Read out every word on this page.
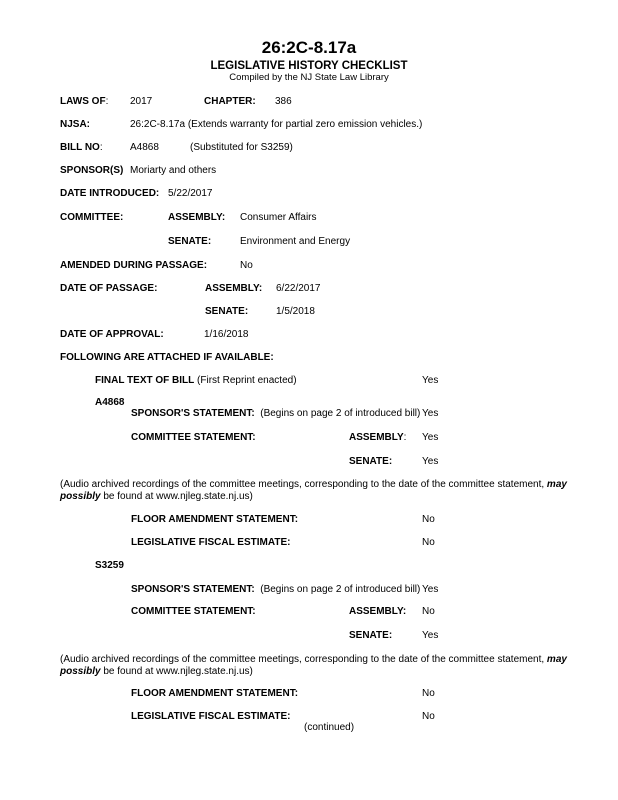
26:2C-8.17a
LEGISLATIVE HISTORY CHECKLIST
Compiled by the NJ State Law Library
LAWS OF: 2017	CHAPTER: 386
NJSA:	26:2C-8.17a (Extends warranty for partial zero emission vehicles.)
BILL NO:	A4868	(Substituted for S3259)
SPONSOR(S) Moriarty and others
DATE INTRODUCED: 5/22/2017
COMMITTEE:	ASSEMBLY: Consumer Affairs
SENATE:	Environment and Energy
AMENDED DURING PASSAGE:	No
DATE OF PASSAGE:	ASSEMBLY: 6/22/2017
SENATE:	1/5/2018
DATE OF APPROVAL:	1/16/2018
FOLLOWING ARE ATTACHED IF AVAILABLE:
FINAL TEXT OF BILL (First Reprint enacted)	Yes
A4868
SPONSOR'S STATEMENT: (Begins on page 2 of introduced bill) Yes
COMMITTEE STATEMENT:	ASSEMBLY: Yes
SENATE:	Yes
(Audio archived recordings of the committee meetings, corresponding to the date of the committee statement, may possibly be found at www.njleg.state.nj.us)
FLOOR AMENDMENT STATEMENT:	No
LEGISLATIVE FISCAL ESTIMATE:	No
S3259
SPONSOR'S STATEMENT: (Begins on page 2 of introduced bill) Yes
COMMITTEE STATEMENT:	ASSEMBLY: No
SENATE:	Yes
(Audio archived recordings of the committee meetings, corresponding to the date of the committee statement, may possibly be found at www.njleg.state.nj.us)
FLOOR AMENDMENT STATEMENT:	No
LEGISLATIVE FISCAL ESTIMATE:	No
(continued)
